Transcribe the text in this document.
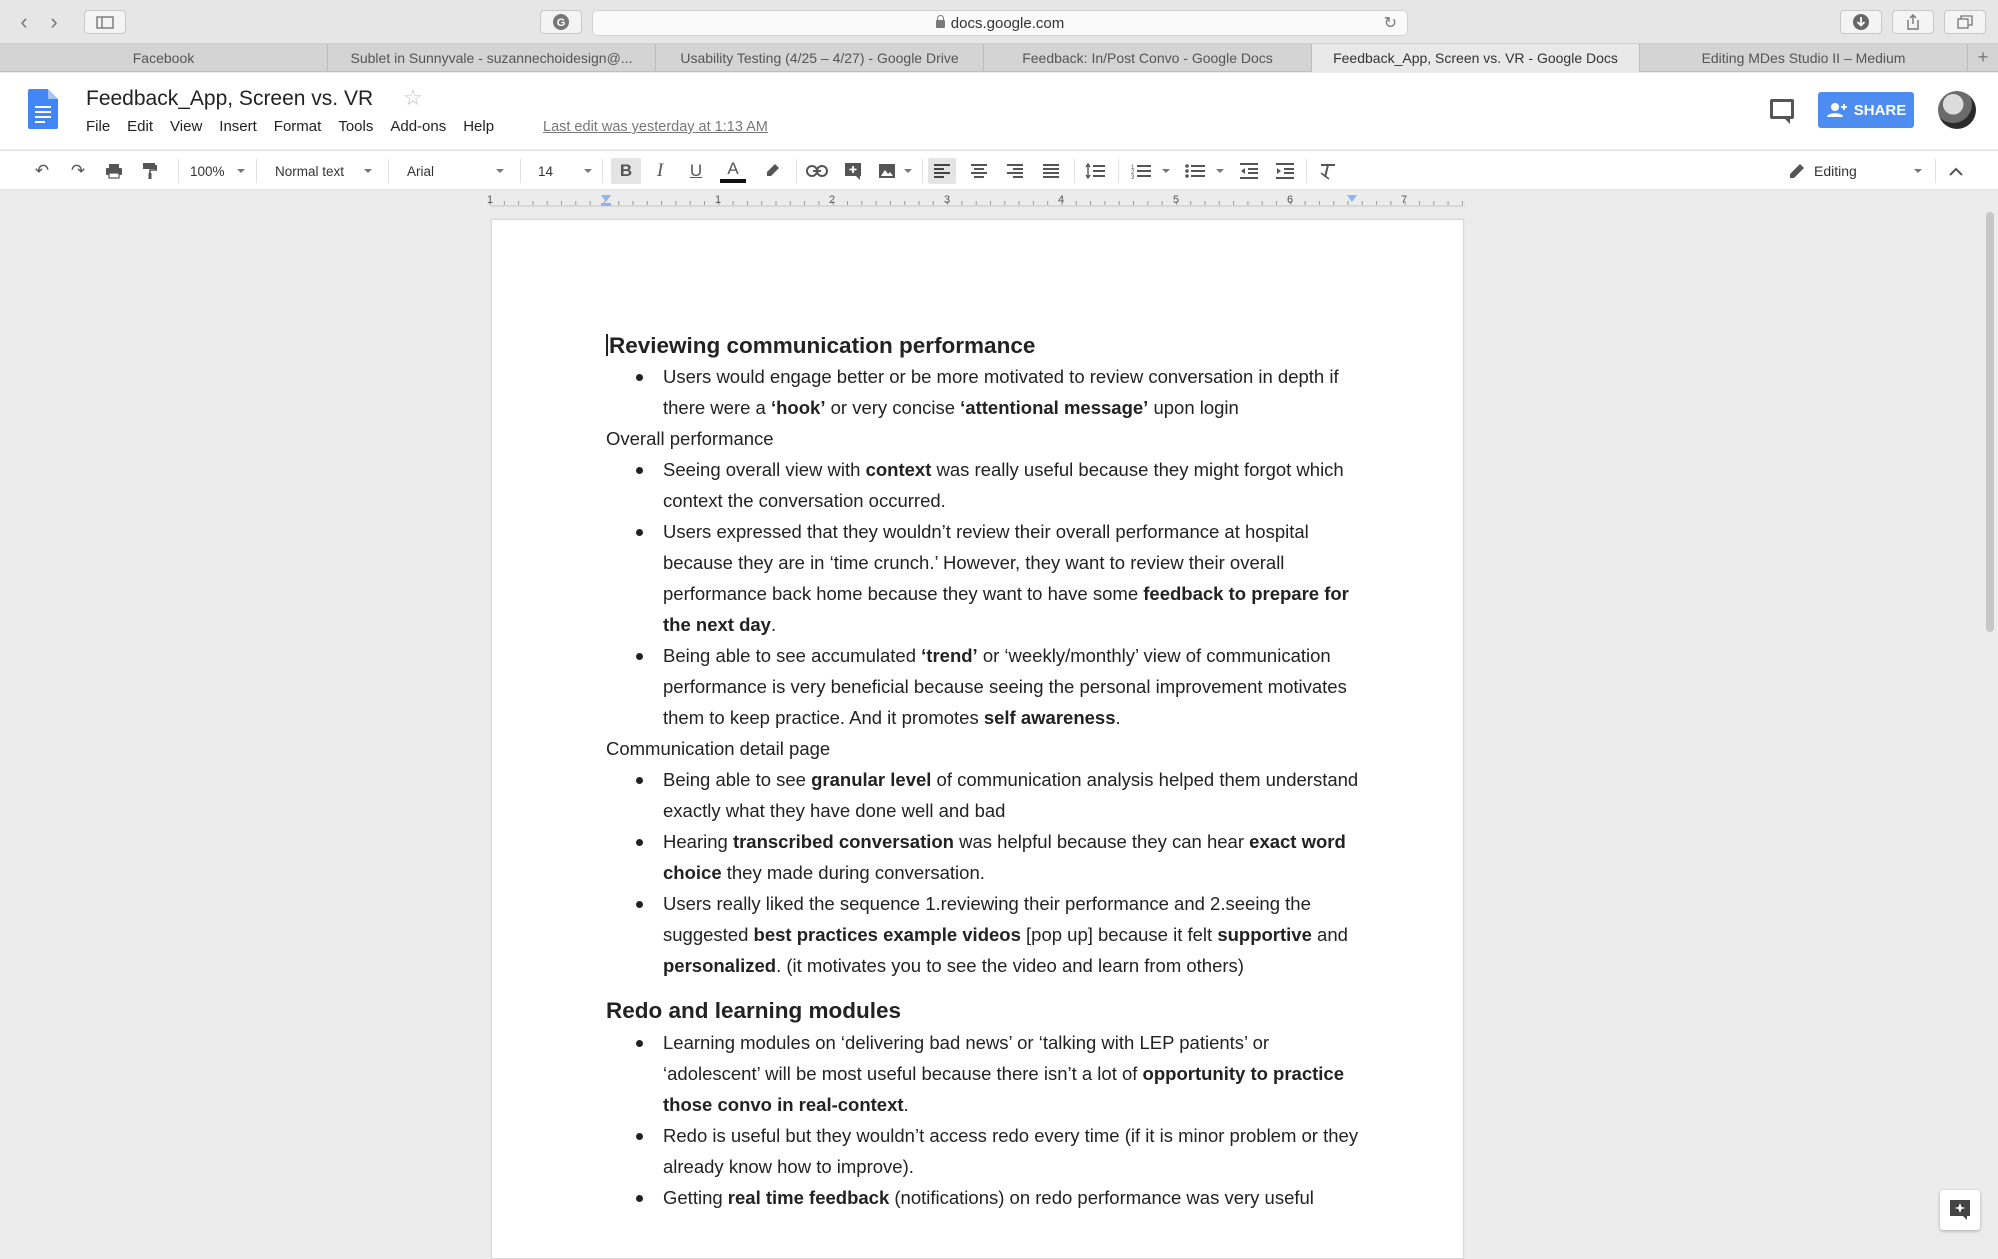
‹	›	G	docs.google.com	↻
Facebook	Sublet in Sunnyvale - suzannechoidesign@...	Usability Testing (4/25 – 4/27) - Google Drive	Feedback: In/Post Convo - Google Docs	Feedback_App, Screen vs. VR - Google Docs	Editing MDes Studio II – Medium	+
Feedback_App, Screen vs. VR ☆
File Edit View Insert Format Tools Add-ons Help	Last edit was yesterday at 1:13 AM
SHARE
↶ ↷	100%	Normal text	Arial	14	B	I	U	A	1
2
3	Editing
1	1	2	3	4	5	6	7
Reviewing communication performance
Users would engage better or be more motivated to review conversation in depth if there were a ‘hook’ or very concise ‘attentional message’ upon login

Overall performance

Seeing overall view with context was really useful because they might forgot which context the conversation occurred.
Users expressed that they wouldn’t review their overall performance at hospital because they are in ‘time crunch.’ However, they want to review their overall performance back home because they want to have some feedback to prepare for the next day.
Being able to see accumulated ‘trend’ or ‘weekly/monthly’ view of communication performance is very beneficial because seeing the personal improvement motivates them to keep practice. And it promotes self awareness.

Communication detail page

Being able to see granular level of communication analysis helped them understand exactly what they have done well and bad
Hearing transcribed conversation was helpful because they can hear exact word choice they made during conversation.
Users really liked the sequence 1.reviewing their performance and 2.seeing the suggested best practices example videos [pop up] because it felt supportive and personalized. (it motivates you to see the video and learn from others)
Redo and learning modules
Learning modules on ‘delivering bad news’ or ‘talking with LEP patients’ or ‘adolescent’ will be most useful because there isn’t a lot of opportunity to practice those convo in real-context.
Redo is useful but they wouldn’t access redo every time (if it is minor problem or they already know how to improve).
Getting real time feedback (notifications) on redo performance was very useful
